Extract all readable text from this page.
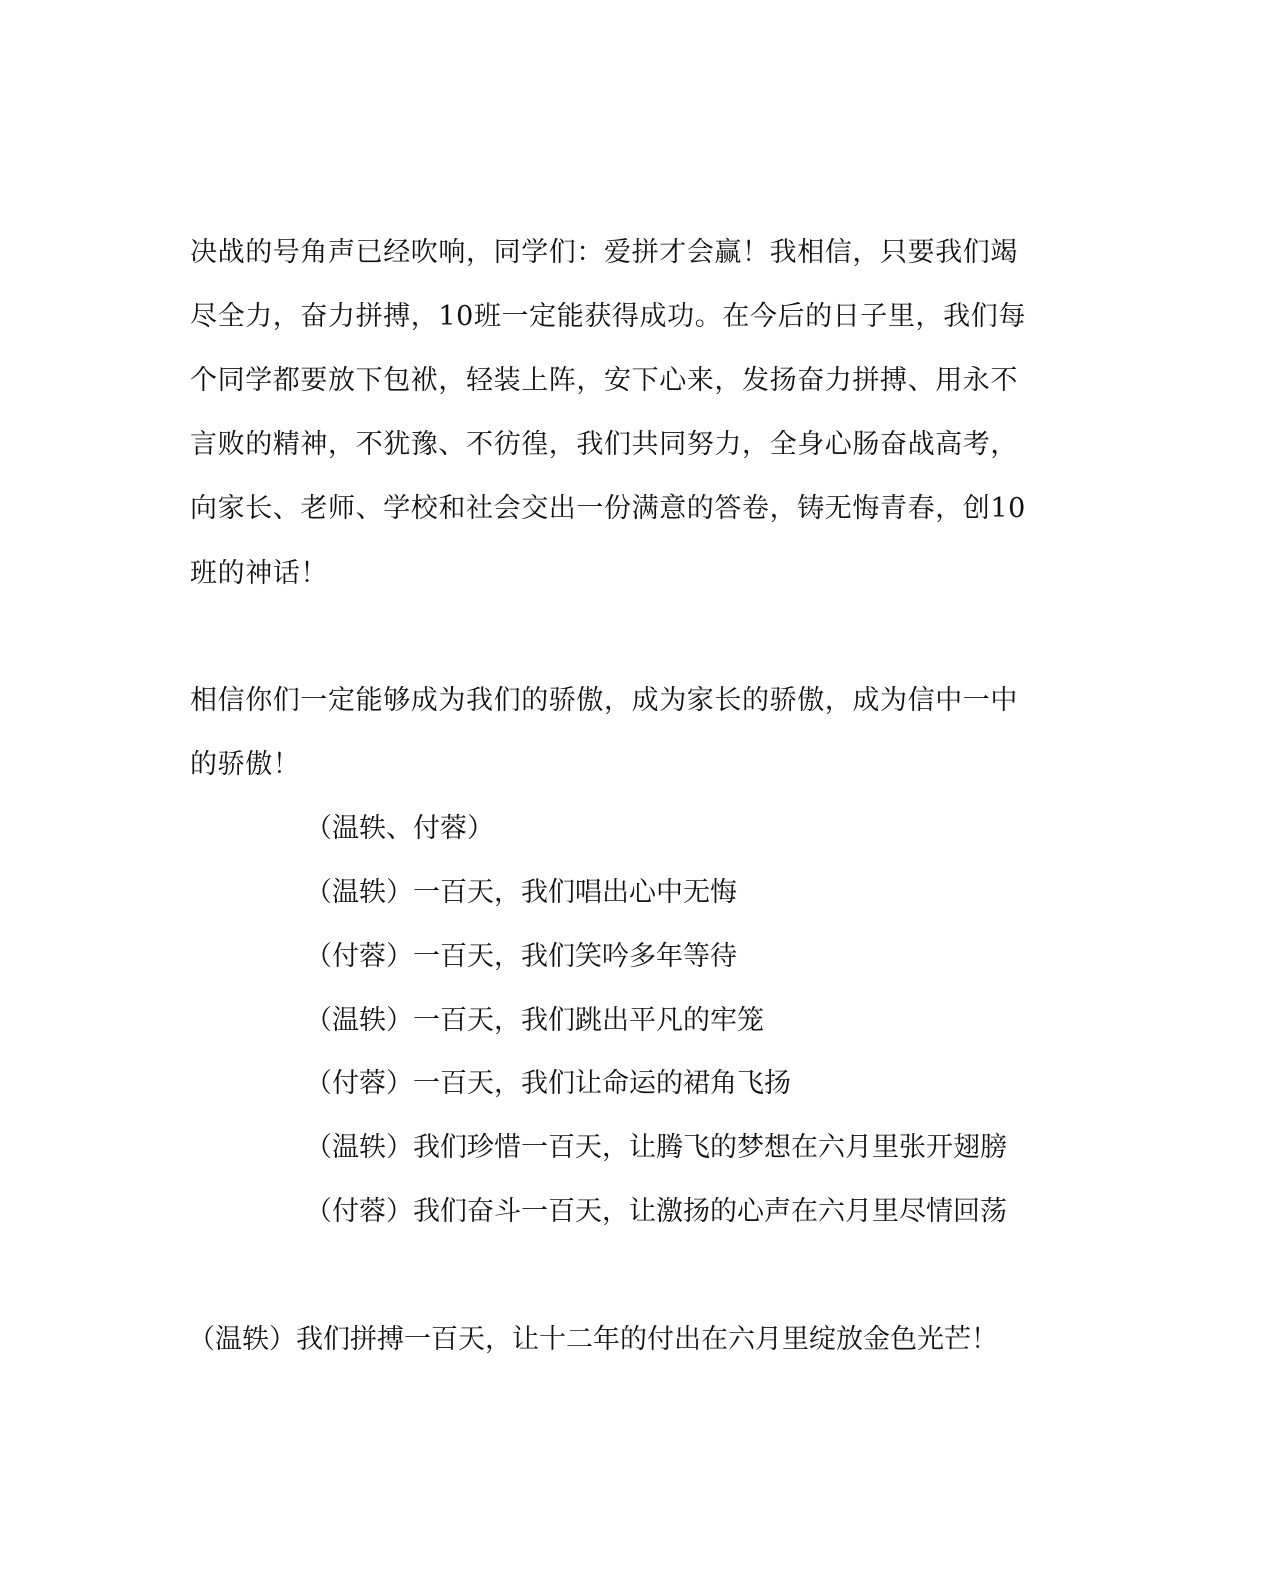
决战的号角声已经吹响，同学们：爱拼才会赢！我相信，只要我们竭
尽全力，奋力拼搏，10班一定能获得成功。在今后的日子里，我们每
个同学都要放下包袱，轻装上阵，安下心来，发扬奋力拼搏、用永不
言败的精神，不犹豫、不彷徨，我们共同努力，全身心肠奋战高考，
向家长、老师、学校和社会交出一份满意的答卷，铸无悔青春，创10
班的神话！
相信你们一定能够成为我们的骄傲，成为家长的骄傲，成为信中一中
的骄傲！
（温轶、付蓉）
（温轶）一百天，我们唱出心中无悔
（付蓉）一百天，我们笑吟多年等待
（温轶）一百天，我们跳出平凡的牢笼
（付蓉）一百天，我们让命运的裙角飞扬
（温轶）我们珍惜一百天，让腾飞的梦想在六月里张开翅膀
（付蓉）我们奋斗一百天，让激扬的心声在六月里尽情回荡
（温轶）我们拼搏一百天，让十二年的付出在六月里绽放金色光芒！
